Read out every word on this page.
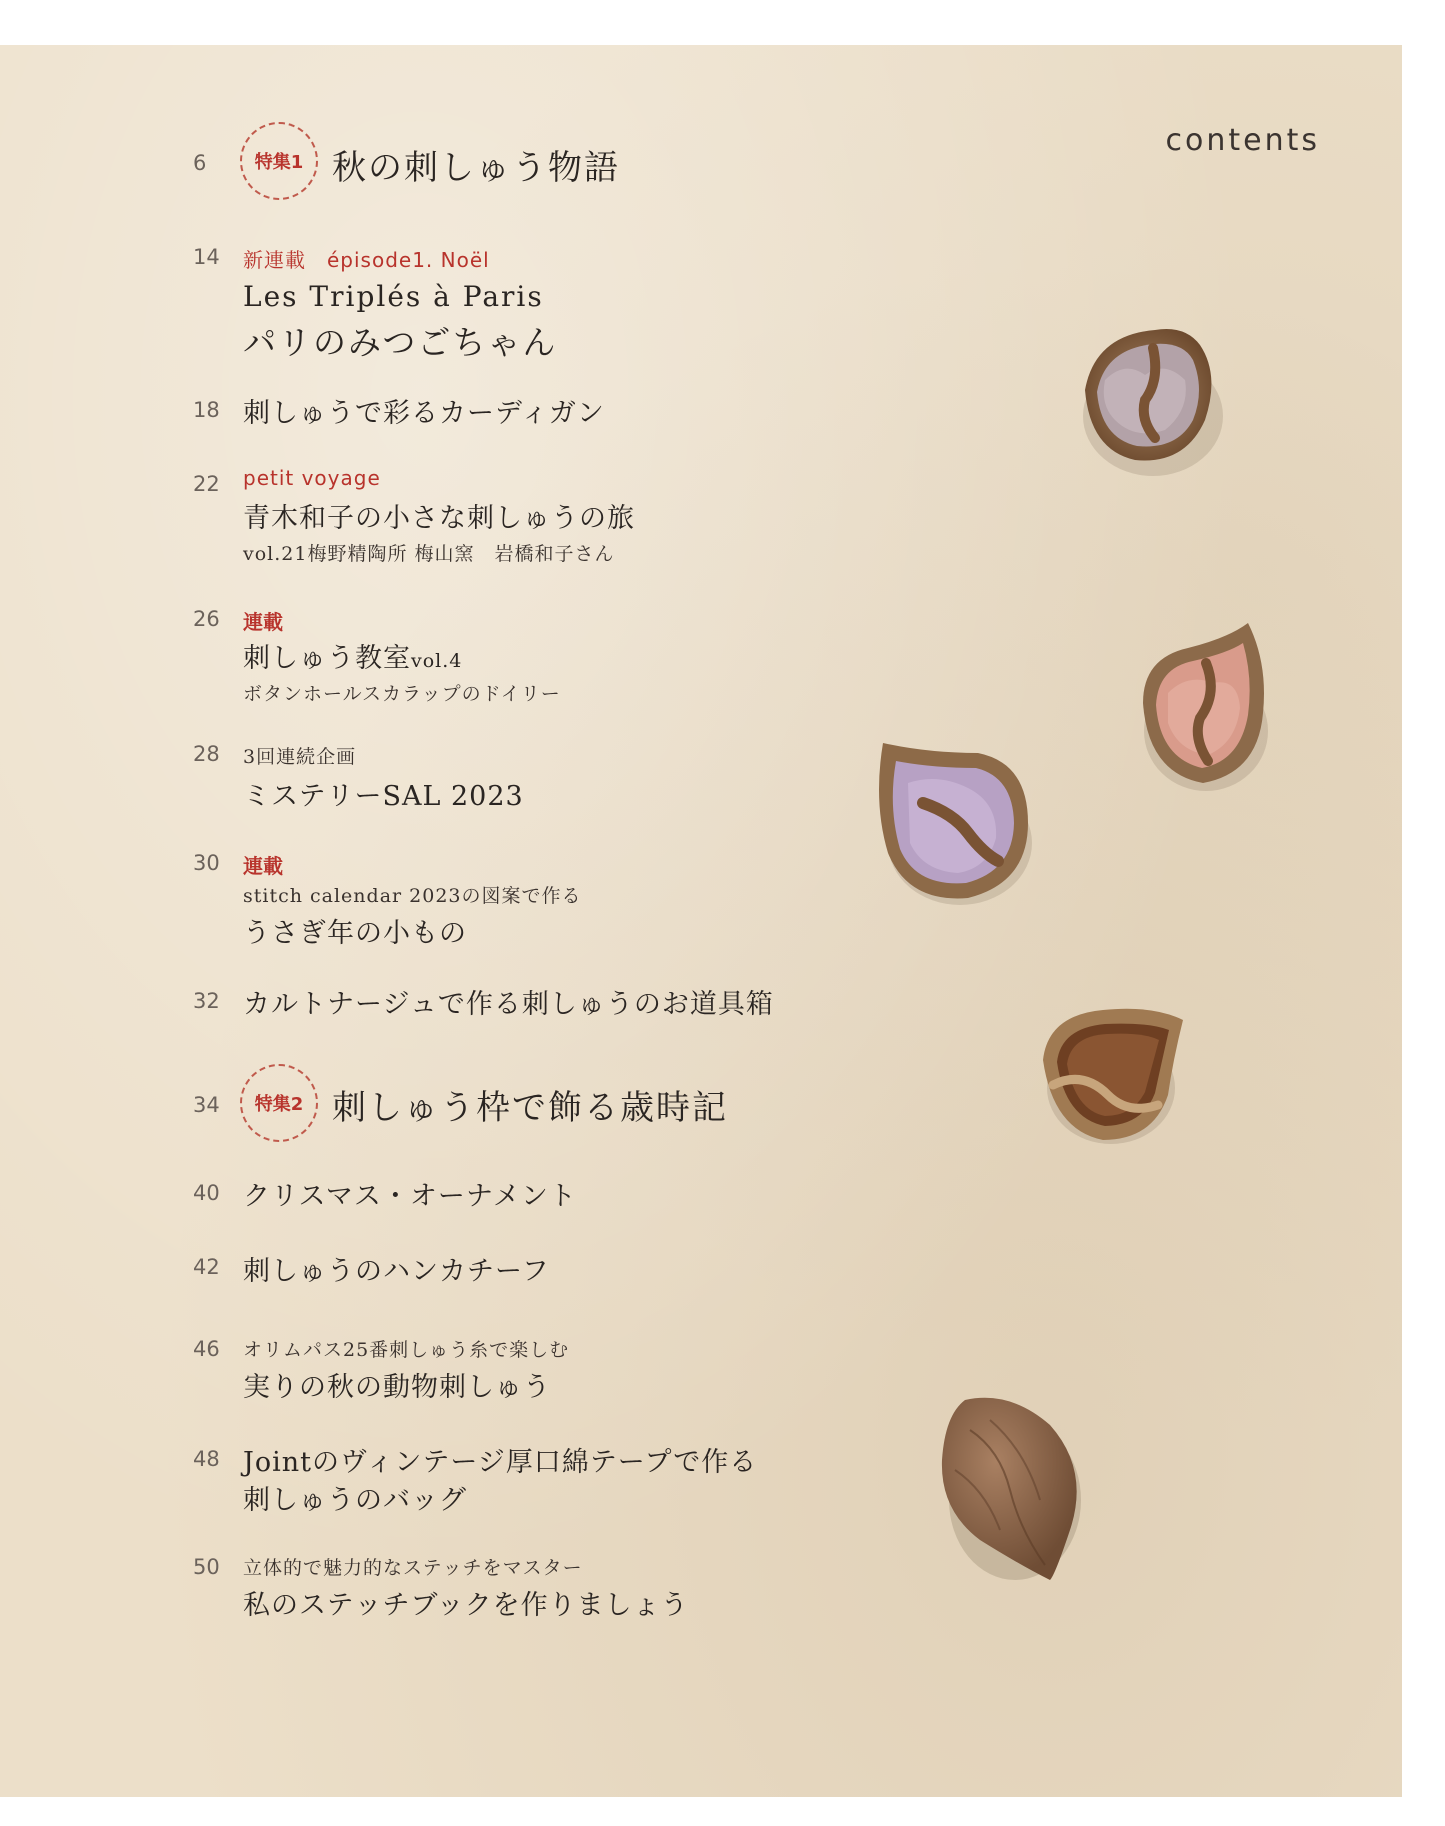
contents
6	特集1 秋の刺しゅう物語
14	新連載　épisode1. Noël
Les Triplés à Paris
パリのみつごちゃん
18 刺しゅうで彩るカーディガン
22	petit voyage
青木和子の小さな刺しゅうの旅
vol.21梅野精陶所 梅山窯　岩橋和子さん
26	連載
刺しゅう教室vol.4
ボタンホールスカラップのドイリー
28	3回連続企画
ミステリーSAL 2023
30	連載
stitch calendar 2023の図案で作る
うさぎ年の小もの
32 カルトナージュで作る刺しゅうのお道具箱
34	特集2 刺しゅう枠で飾る歳時記
40 クリスマス・オーナメント
42 刺しゅうのハンカチーフ
46	オリムパス25番刺しゅう糸で楽しむ
実りの秋の動物刺しゅう
48 Jointのヴィンテージ厚口綿テープで作る
刺しゅうのバッグ
50	立体的で魅力的なステッチをマスター
私のステッチブックを作りましょう
